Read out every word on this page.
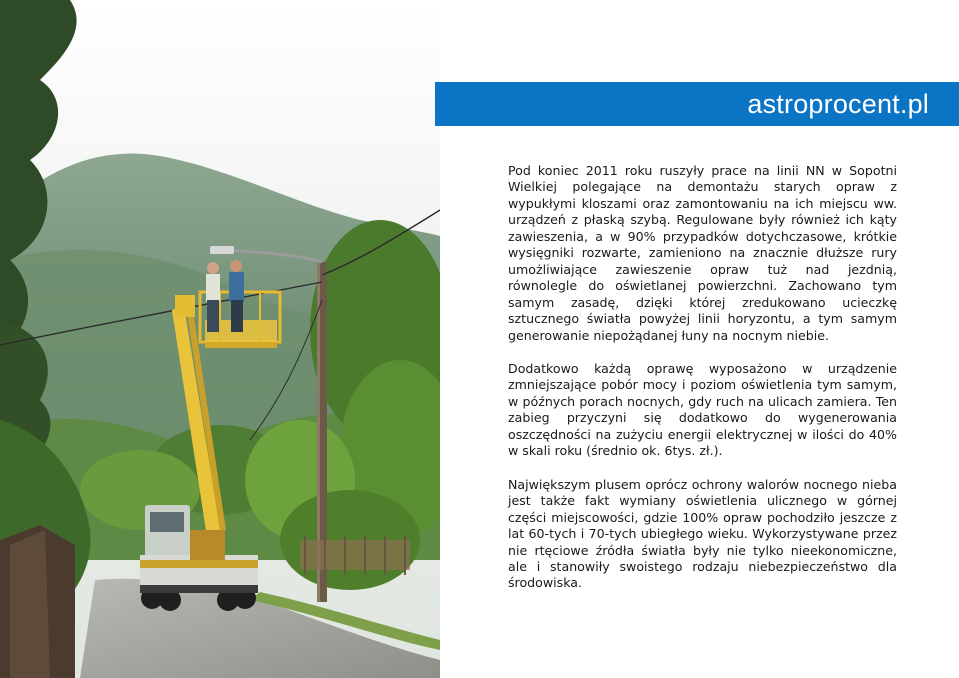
astroprocent.pl

Pod koniec 2011 roku ruszyły prace na linii NN w Sopotni Wielkiej polegające na demontażu starych opraw z wypukłymi kloszami oraz zamontowaniu na ich miejscu ww. urządzeń z płaską szybą. Regulowane były również ich kąty zawieszenia, a w 90% przypadków dotychczasowe, krótkie wysięgniki rozwarte, zamieniono na znacznie dłuższe rury umożliwiające zawieszenie opraw tuż nad jezdnią, równolegle do oświetlanej powierzchni. Zachowano tym samym zasadę, dzięki której zredukowano ucieczkę sztucznego światła powyżej linii horyzontu, a tym samym generowanie niepożądanej łuny na nocnym niebie.

Dodatkowo każdą oprawę wyposażono w urządzenie zmniejszające pobór mocy i poziom oświetlenia tym samym, w późnych porach nocnych, gdy ruch na ulicach zamiera. Ten zabieg przyczyni się dodatkowo do wygenerowania oszczędności na zużyciu energii elektrycznej w ilości do 40% w skali roku (średnio ok. 6tys. zł.).

Największym plusem oprócz ochrony walorów nocnego nieba jest także fakt wymiany oświetlenia ulicznego w górnej części miejscowości, gdzie 100% opraw pochodziło jeszcze z lat 60-tych i 70-tych ubiegłego wieku. Wykorzystywane przez nie rtęciowe źródła światła były nie tylko nieekonomiczne, ale i stanowiły swoistego rodzaju niebezpieczeństwo dla środowiska.
